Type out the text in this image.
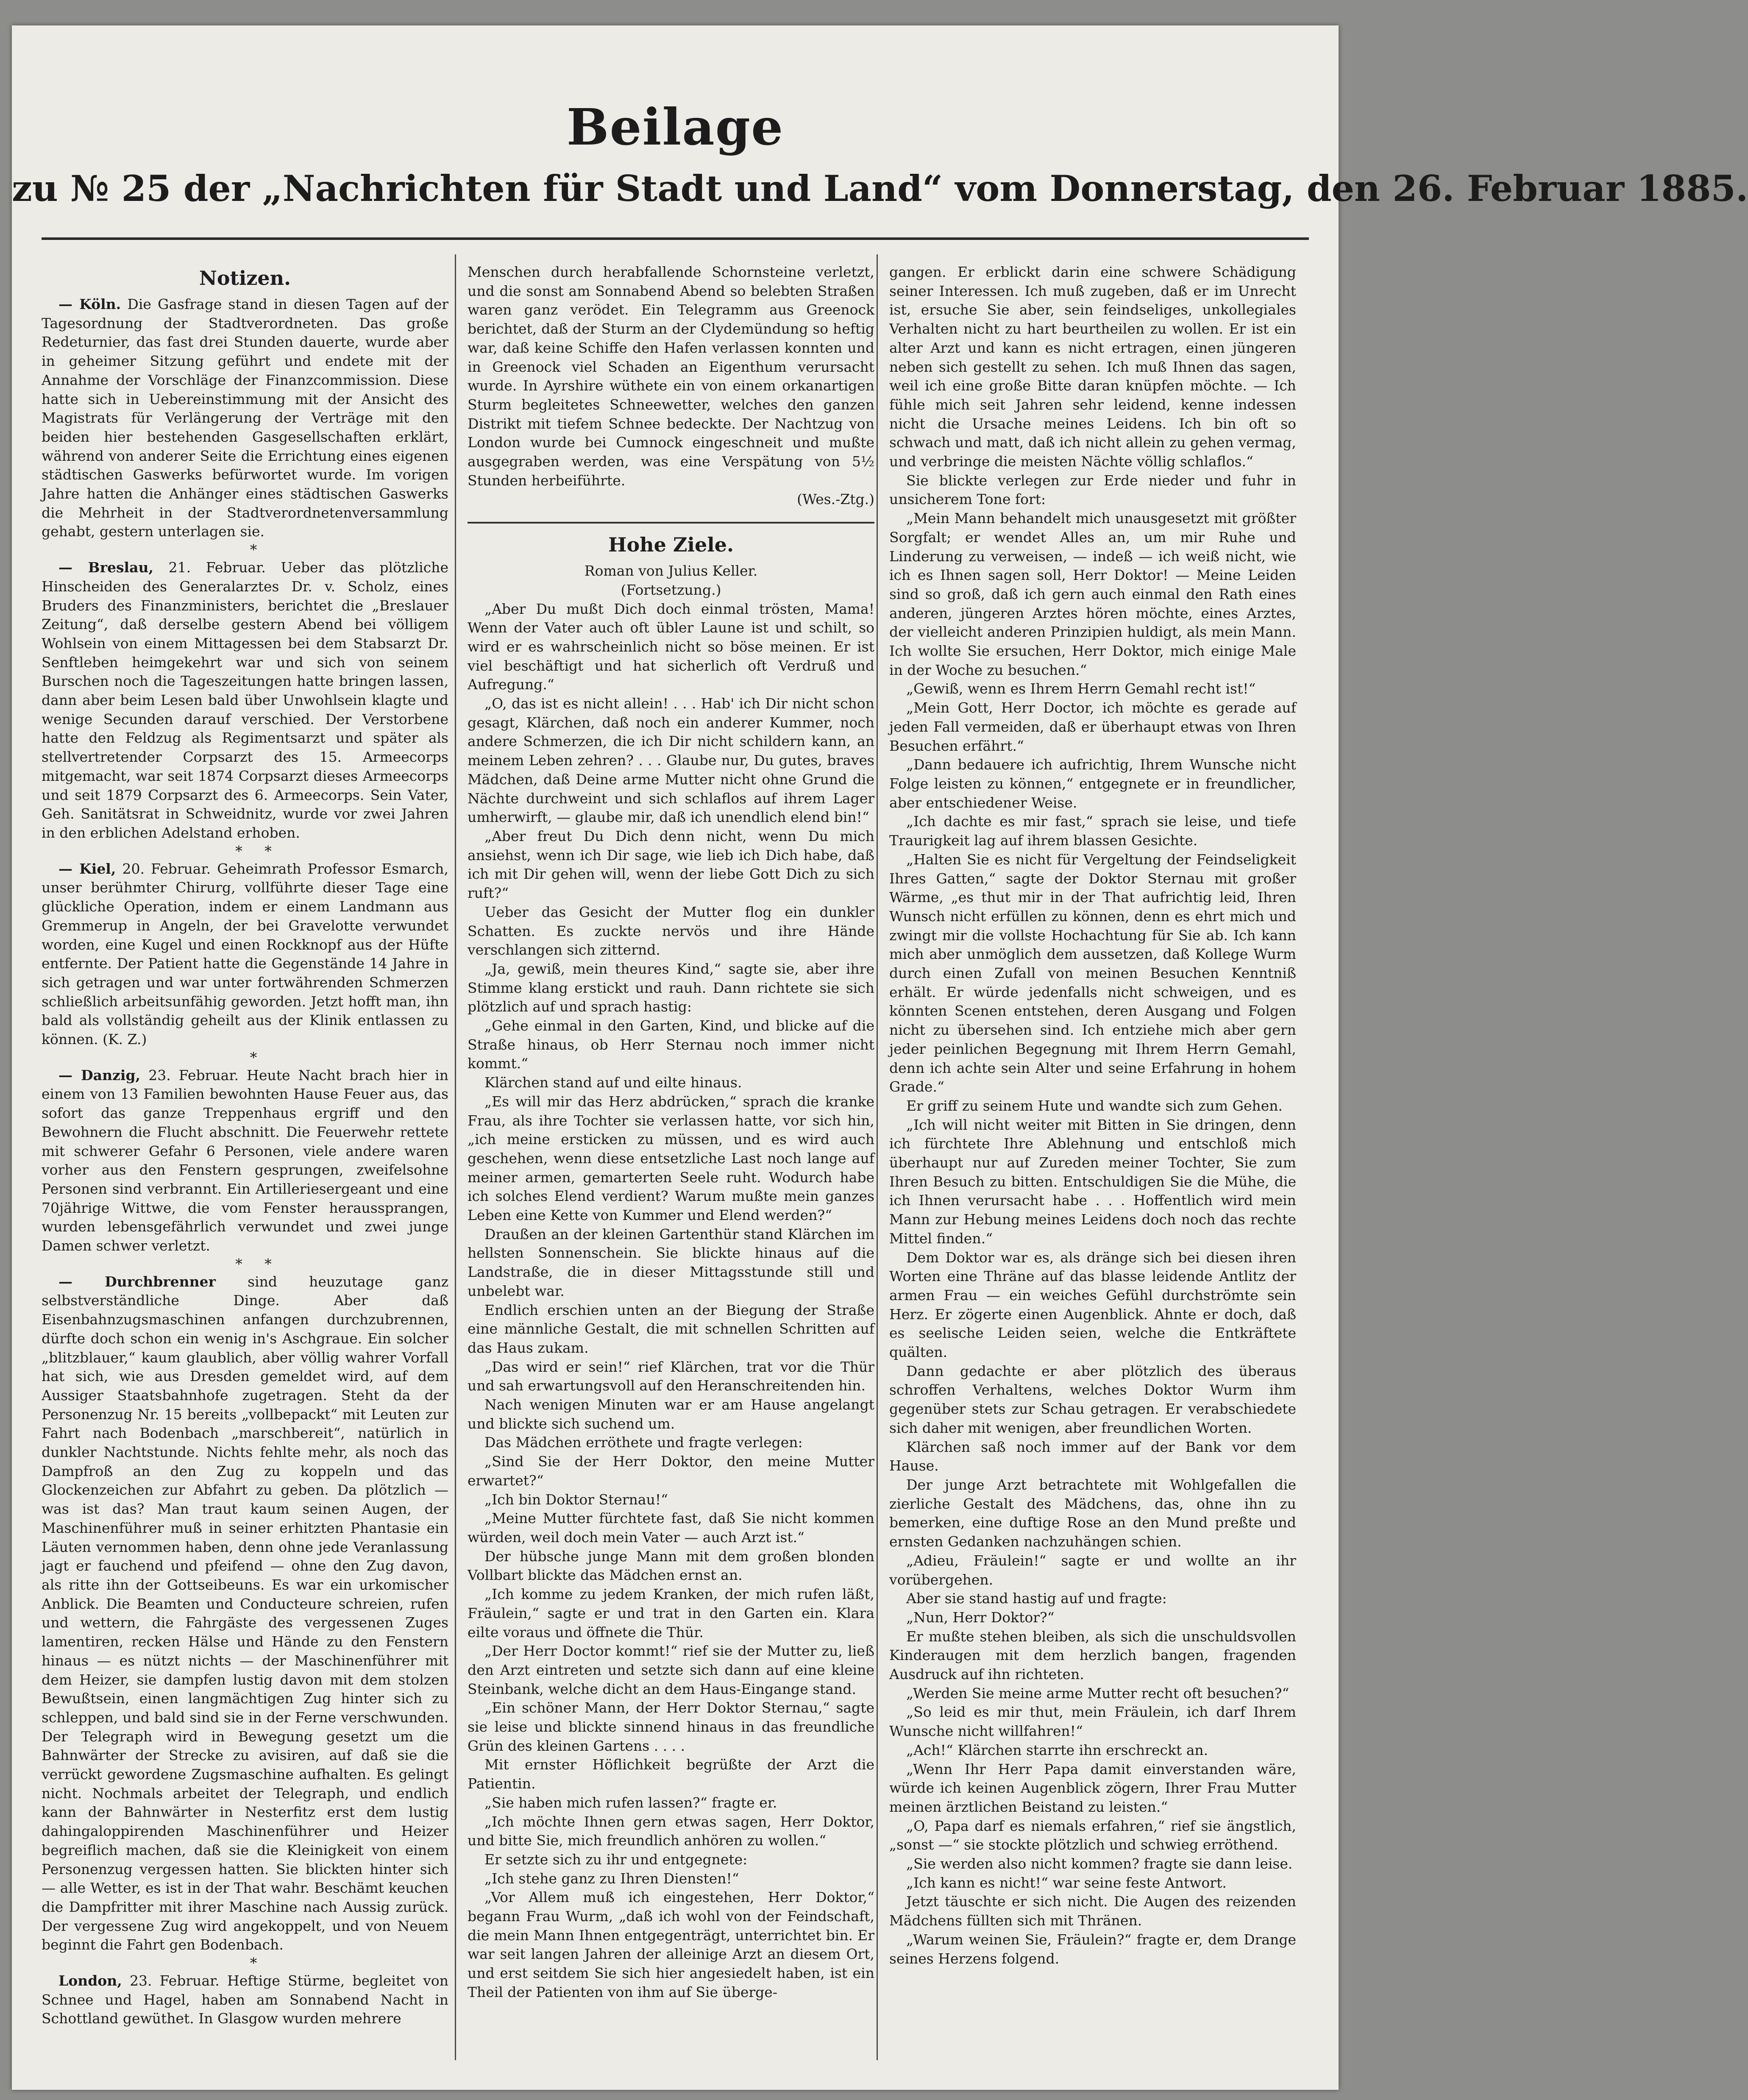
Beilage
zu № 25 der „Nachrichten für Stadt und Land“ vom Donnerstag, den 26. Februar 1885.
Notizen.

— Köln. Die Gasfrage stand in diesen Tagen auf der Tagesordnung der Stadtverordneten. Das große Redeturnier, das fast drei Stunden dauerte, wurde aber in geheimer Sitzung geführt und endete mit der Annahme der Vorschläge der Finanzcommission. Diese hatte sich in Uebereinstimmung mit der Ansicht des Magistrats für Verlängerung der Verträge mit den beiden hier bestehenden Gasgesellschaften erklärt, während von anderer Seite die Errichtung eines eigenen städtischen Gaswerks befürwortet wurde. Im vorigen Jahre hatten die Anhänger eines städtischen Gaswerks die Mehrheit in der Stadtverordnetenversammlung gehabt, gestern unterlagen sie.

*

— Breslau, 21. Februar. Ueber das plötzliche Hinscheiden des Generalarztes Dr. v. Scholz, eines Bruders des Finanzministers, berichtet die „Breslauer Zeitung“, daß derselbe gestern Abend bei völligem Wohlsein von einem Mittagessen bei dem Stabsarzt Dr. Senftleben heimgekehrt war und sich von seinem Burschen noch die Tageszeitungen hatte bringen lassen, dann aber beim Lesen bald über Unwohlsein klagte und wenige Secunden darauf verschied. Der Verstorbene hatte den Feldzug als Regimentsarzt und später als stellvertretender Corpsarzt des 15. Armeecorps mitgemacht, war seit 1874 Corpsarzt dieses Armeecorps und seit 1879 Corpsarzt des 6. Armeecorps. Sein Vater, Geh. Sanitätsrat in Schweidnitz, wurde vor zwei Jahren in den erblichen Adelstand erhoben.

*     *

— Kiel, 20. Februar. Geheimrath Professor Esmarch, unser berühmter Chirurg, vollführte dieser Tage eine glückliche Operation, indem er einem Landmann aus Gremmerup in Angeln, der bei Gravelotte verwundet worden, eine Kugel und einen Rockknopf aus der Hüfte entfernte. Der Patient hatte die Gegenstände 14 Jahre in sich getragen und war unter fortwährenden Schmerzen schließlich arbeitsunfähig geworden. Jetzt hofft man, ihn bald als vollständig geheilt aus der Klinik entlassen zu können. (K. Z.)

*

— Danzig, 23. Februar. Heute Nacht brach hier in einem von 13 Familien bewohnten Hause Feuer aus, das sofort das ganze Treppenhaus ergriff und den Bewohnern die Flucht abschnitt. Die Feuerwehr rettete mit schwerer Gefahr 6 Personen, viele andere waren vorher aus den Fenstern gesprungen, zweifelsohne Personen sind verbrannt. Ein Artilleriesergeant und eine 70jährige Wittwe, die vom Fenster heraussprangen, wurden lebensgefährlich verwundet und zwei junge Damen schwer verletzt.

*     *

— Durchbrenner sind heuzutage ganz selbstverständliche Dinge. Aber daß Eisenbahnzugsmaschinen anfangen durchzubrennen, dürfte doch schon ein wenig in's Aschgraue. Ein solcher „blitzblauer,“ kaum glaublich, aber völlig wahrer Vorfall hat sich, wie aus Dresden gemeldet wird, auf dem Aussiger Staatsbahnhofe zugetragen. Steht da der Personenzug Nr. 15 bereits „vollbepackt“ mit Leuten zur Fahrt nach Bodenbach „marschbereit“, natürlich in dunkler Nachtstunde. Nichts fehlte mehr, als noch das Dampfroß an den Zug zu koppeln und das Glockenzeichen zur Abfahrt zu geben. Da plötzlich — was ist das? Man traut kaum seinen Augen, der Maschinenführer muß in seiner erhitzten Phantasie ein Läuten vernommen haben, denn ohne jede Veranlassung jagt er fauchend und pfeifend — ohne den Zug davon, als ritte ihn der Gottseibeuns. Es war ein urkomischer Anblick. Die Beamten und Conducteure schreien, rufen und wettern, die Fahrgäste des vergessenen Zuges lamentiren, recken Hälse und Hände zu den Fenstern hinaus — es nützt nichts — der Maschinenführer mit dem Heizer, sie dampfen lustig davon mit dem stolzen Bewußtsein, einen langmächtigen Zug hinter sich zu schleppen, und bald sind sie in der Ferne verschwunden. Der Telegraph wird in Bewegung gesetzt um die Bahnwärter der Strecke zu avisiren, auf daß sie die verrückt gewordene Zugsmaschine aufhalten. Es gelingt nicht. Nochmals arbeitet der Telegraph, und endlich kann der Bahnwärter in Nesterfitz erst dem lustig dahingaloppirenden Maschinenführer und Heizer begreiflich machen, daß sie die Kleinigkeit von einem Personenzug vergessen hatten. Sie blickten hinter sich — alle Wetter, es ist in der That wahr. Beschämt keuchen die Dampfritter mit ihrer Maschine nach Aussig zurück. Der vergessene Zug wird angekoppelt, und von Neuem beginnt die Fahrt gen Bodenbach.

*

London, 23. Februar. Heftige Stürme, begleitet von Schnee und Hagel, haben am Sonnabend Nacht in Schottland gewüthet. In Glasgow wurden mehrere

Menschen durch herabfallende Schornsteine verletzt, und die sonst am Sonnabend Abend so belebten Straßen waren ganz verödet. Ein Telegramm aus Greenock berichtet, daß der Sturm an der Clydemündung so heftig war, daß keine Schiffe den Hafen verlassen konnten und in Greenock viel Schaden an Eigenthum verursacht wurde. In Ayrshire wüthete ein von einem orkanartigen Sturm begleitetes Schneewetter, welches den ganzen Distrikt mit tiefem Schnee bedeckte. Der Nachtzug von London wurde bei Cumnock eingeschneit und mußte ausgegraben werden, was eine Verspätung von 5½ Stunden herbeiführte.

(Wes.-Ztg.)

Hohe Ziele.

Roman von Julius Keller.

(Fortsetzung.)

„Aber Du mußt Dich doch einmal trösten, Mama! Wenn der Vater auch oft übler Laune ist und schilt, so wird er es wahrscheinlich nicht so böse meinen. Er ist viel beschäftigt und hat sicherlich oft Verdruß und Aufregung.“

„O, das ist es nicht allein! . . . Hab' ich Dir nicht schon gesagt, Klärchen, daß noch ein anderer Kummer, noch andere Schmerzen, die ich Dir nicht schildern kann, an meinem Leben zehren? . . . Glaube nur, Du gutes, braves Mädchen, daß Deine arme Mutter nicht ohne Grund die Nächte durchweint und sich schlaflos auf ihrem Lager umherwirft, — glaube mir, daß ich unendlich elend bin!“

„Aber freut Du Dich denn nicht, wenn Du mich ansiehst, wenn ich Dir sage, wie lieb ich Dich habe, daß ich mit Dir gehen will, wenn der liebe Gott Dich zu sich ruft?“

Ueber das Gesicht der Mutter flog ein dunkler Schatten. Es zuckte nervös und ihre Hände verschlangen sich zitternd.

„Ja, gewiß, mein theures Kind,“ sagte sie, aber ihre Stimme klang erstickt und rauh. Dann richtete sie sich plötzlich auf und sprach hastig:

„Gehe einmal in den Garten, Kind, und blicke auf die Straße hinaus, ob Herr Sternau noch immer nicht kommt.“

Klärchen stand auf und eilte hinaus.

„Es will mir das Herz abdrücken,“ sprach die kranke Frau, als ihre Tochter sie verlassen hatte, vor sich hin, „ich meine ersticken zu müssen, und es wird auch geschehen, wenn diese entsetzliche Last noch lange auf meiner armen, gemarterten Seele ruht. Wodurch habe ich solches Elend verdient? Warum mußte mein ganzes Leben eine Kette von Kummer und Elend werden?“

Draußen an der kleinen Gartenthür stand Klärchen im hellsten Sonnenschein. Sie blickte hinaus auf die Landstraße, die in dieser Mittagsstunde still und unbelebt war.

Endlich erschien unten an der Biegung der Straße eine männliche Gestalt, die mit schnellen Schritten auf das Haus zukam.

„Das wird er sein!“ rief Klärchen, trat vor die Thür und sah erwartungsvoll auf den Heranschreitenden hin.

Nach wenigen Minuten war er am Hause angelangt und blickte sich suchend um.

Das Mädchen erröthete und fragte verlegen:

„Sind Sie der Herr Doktor, den meine Mutter erwartet?“

„Ich bin Doktor Sternau!“

„Meine Mutter fürchtete fast, daß Sie nicht kommen würden, weil doch mein Vater — auch Arzt ist.“

Der hübsche junge Mann mit dem großen blonden Vollbart blickte das Mädchen ernst an.

„Ich komme zu jedem Kranken, der mich rufen läßt, Fräulein,“ sagte er und trat in den Garten ein. Klara eilte voraus und öffnete die Thür.

„Der Herr Doctor kommt!“ rief sie der Mutter zu, ließ den Arzt eintreten und setzte sich dann auf eine kleine Steinbank, welche dicht an dem Haus-Eingange stand.

„Ein schöner Mann, der Herr Doktor Sternau,“ sagte sie leise und blickte sinnend hinaus in das freundliche Grün des kleinen Gartens . . . .

Mit ernster Höflichkeit begrüßte der Arzt die Patientin.

„Sie haben mich rufen lassen?“ fragte er.

„Ich möchte Ihnen gern etwas sagen, Herr Doktor, und bitte Sie, mich freundlich anhören zu wollen.“

Er setzte sich zu ihr und entgegnete:

„Ich stehe ganz zu Ihren Diensten!“

„Vor Allem muß ich eingestehen, Herr Doktor,“ begann Frau Wurm, „daß ich wohl von der Feindschaft, die mein Mann Ihnen entgegenträgt, unterrichtet bin. Er war seit langen Jahren der alleinige Arzt an diesem Ort, und erst seitdem Sie sich hier angesiedelt haben, ist ein Theil der Patienten von ihm auf Sie überge-

gangen. Er erblickt darin eine schwere Schädigung seiner Interessen. Ich muß zugeben, daß er im Unrecht ist, ersuche Sie aber, sein feindseliges, unkollegiales Verhalten nicht zu hart beurtheilen zu wollen. Er ist ein alter Arzt und kann es nicht ertragen, einen jüngeren neben sich gestellt zu sehen. Ich muß Ihnen das sagen, weil ich eine große Bitte daran knüpfen möchte. — Ich fühle mich seit Jahren sehr leidend, kenne indessen nicht die Ursache meines Leidens. Ich bin oft so schwach und matt, daß ich nicht allein zu gehen vermag, und verbringe die meisten Nächte völlig schlaflos.“

Sie blickte verlegen zur Erde nieder und fuhr in unsicherem Tone fort:

„Mein Mann behandelt mich unausgesetzt mit größter Sorgfalt; er wendet Alles an, um mir Ruhe und Linderung zu verweisen, — indeß — ich weiß nicht, wie ich es Ihnen sagen soll, Herr Doktor! — Meine Leiden sind so groß, daß ich gern auch einmal den Rath eines anderen, jüngeren Arztes hören möchte, eines Arztes, der vielleicht anderen Prinzipien huldigt, als mein Mann. Ich wollte Sie ersuchen, Herr Doktor, mich einige Male in der Woche zu besuchen.“

„Gewiß, wenn es Ihrem Herrn Gemahl recht ist!“

„Mein Gott, Herr Doctor, ich möchte es gerade auf jeden Fall vermeiden, daß er überhaupt etwas von Ihren Besuchen erfährt.“

„Dann bedauere ich aufrichtig, Ihrem Wunsche nicht Folge leisten zu können,“ entgegnete er in freundlicher, aber entschiedener Weise.

„Ich dachte es mir fast,“ sprach sie leise, und tiefe Traurigkeit lag auf ihrem blassen Gesichte.

„Halten Sie es nicht für Vergeltung der Feindseligkeit Ihres Gatten,“ sagte der Doktor Sternau mit großer Wärme, „es thut mir in der That aufrichtig leid, Ihren Wunsch nicht erfüllen zu können, denn es ehrt mich und zwingt mir die vollste Hochachtung für Sie ab. Ich kann mich aber unmöglich dem aussetzen, daß Kollege Wurm durch einen Zufall von meinen Besuchen Kenntniß erhält. Er würde jedenfalls nicht schweigen, und es könnten Scenen entstehen, deren Ausgang und Folgen nicht zu übersehen sind. Ich entziehe mich aber gern jeder peinlichen Begegnung mit Ihrem Herrn Gemahl, denn ich achte sein Alter und seine Erfahrung in hohem Grade.“

Er griff zu seinem Hute und wandte sich zum Gehen.

„Ich will nicht weiter mit Bitten in Sie dringen, denn ich fürchtete Ihre Ablehnung und entschloß mich überhaupt nur auf Zureden meiner Tochter, Sie zum Ihren Besuch zu bitten. Entschuldigen Sie die Mühe, die ich Ihnen verursacht habe . . . Hoffentlich wird mein Mann zur Hebung meines Leidens doch noch das rechte Mittel finden.“

Dem Doktor war es, als dränge sich bei diesen ihren Worten eine Thräne auf das blasse leidende Antlitz der armen Frau — ein weiches Gefühl durchströmte sein Herz. Er zögerte einen Augenblick. Ahnte er doch, daß es seelische Leiden seien, welche die Entkräftete quälten.

Dann gedachte er aber plötzlich des überaus schroffen Verhaltens, welches Doktor Wurm ihm gegenüber stets zur Schau getragen. Er verabschiedete sich daher mit wenigen, aber freundlichen Worten.

Klärchen saß noch immer auf der Bank vor dem Hause.

Der junge Arzt betrachtete mit Wohlgefallen die zierliche Gestalt des Mädchens, das, ohne ihn zu bemerken, eine duftige Rose an den Mund preßte und ernsten Gedanken nachzuhängen schien.

„Adieu, Fräulein!“ sagte er und wollte an ihr vorübergehen.

Aber sie stand hastig auf und fragte:

„Nun, Herr Doktor?“

Er mußte stehen bleiben, als sich die unschuldsvollen Kinderaugen mit dem herzlich bangen, fragenden Ausdruck auf ihn richteten.

„Werden Sie meine arme Mutter recht oft besuchen?“

„So leid es mir thut, mein Fräulein, ich darf Ihrem Wunsche nicht willfahren!“

„Ach!“ Klärchen starrte ihn erschreckt an.

„Wenn Ihr Herr Papa damit einverstanden wäre, würde ich keinen Augenblick zögern, Ihrer Frau Mutter meinen ärztlichen Beistand zu leisten.“

„O, Papa darf es niemals erfahren,“ rief sie ängstlich, „sonst —“ sie stockte plötzlich und schwieg erröthend.

„Sie werden also nicht kommen? fragte sie dann leise.

„Ich kann es nicht!“ war seine feste Antwort.

Jetzt täuschte er sich nicht. Die Augen des reizenden Mädchens füllten sich mit Thränen.

„Warum weinen Sie, Fräulein?“ fragte er, dem Drange seines Herzens folgend.
